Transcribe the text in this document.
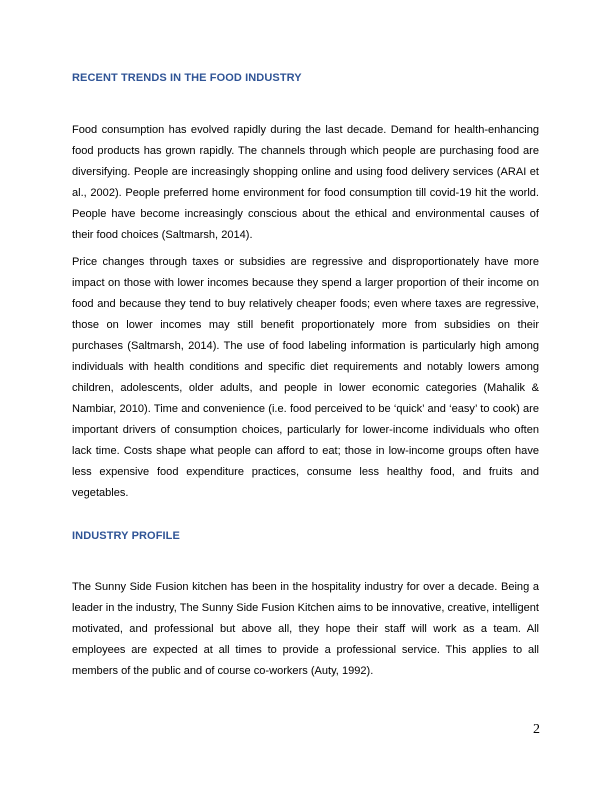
RECENT TRENDS IN THE FOOD INDUSTRY

Food consumption has evolved rapidly during the last decade. Demand for health-enhancing food products has grown rapidly. The channels through which people are purchasing food are diversifying. People are increasingly shopping online and using food delivery services (ARAI et al., 2002). People preferred home environment for food consumption till covid-19 hit the world. People have become increasingly conscious about the ethical and environmental causes of their food choices (Saltmarsh, 2014).

Price changes through taxes or subsidies are regressive and disproportionately have more impact on those with lower incomes because they spend a larger proportion of their income on food and because they tend to buy relatively cheaper foods; even where taxes are regressive, those on lower incomes may still benefit proportionately more from subsidies on their purchases (Saltmarsh, 2014). The use of food labeling information is particularly high among individuals with health conditions and specific diet requirements and notably lowers among children, adolescents, older adults, and people in lower economic categories (Mahalik & Nambiar, 2010). Time and convenience (i.e. food perceived to be ‘quick’ and ‘easy’ to cook) are important drivers of consumption choices, particularly for lower-income individuals who often lack time. Costs shape what people can afford to eat; those in low-income groups often have less expensive food expenditure practices, consume less healthy food, and fruits and vegetables.

INDUSTRY PROFILE

The Sunny Side Fusion kitchen has been in the hospitality industry for over a decade. Being a leader in the industry, The Sunny Side Fusion Kitchen aims to be innovative, creative, intelligent motivated, and professional but above all, they hope their staff will work as a team. All employees are expected at all times to provide a professional service. This applies to all members of the public and of course co-workers (Auty, 1992).

2
